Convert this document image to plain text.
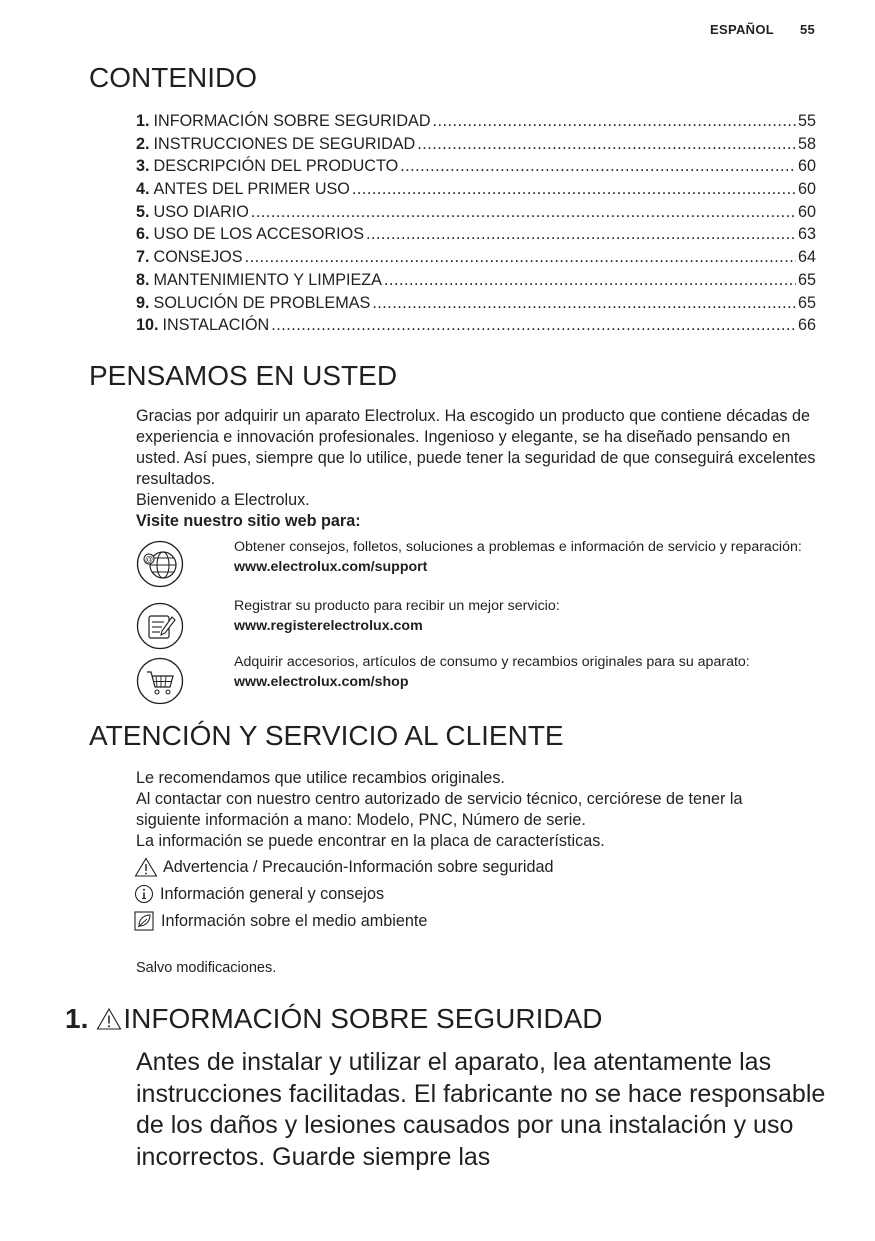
ESPAÑOL 55
CONTENIDO
1. INFORMACIÓN SOBRE SEGURIDAD .....	55
2. INSTRUCCIONES DE SEGURIDAD .....	58
3. DESCRIPCIÓN DEL PRODUCTO .....	60
4. ANTES DEL PRIMER USO .....	60
5. USO DIARIO .....	60
6. USO DE LOS ACCESORIOS .....	63
7. CONSEJOS .....	64
8. MANTENIMIENTO Y LIMPIEZA .....	65
9. SOLUCIÓN DE PROBLEMAS .....	65
10. INSTALACIÓN .....	66
PENSAMOS EN USTED

Gracias por adquirir un aparato Electrolux. Ha escogido un producto que contiene décadas de experiencia e innovación profesionales. Ingenioso y elegante, se ha diseñado pensando en usted. Así pues, siempre que lo utilice, puede tener la seguridad de que conseguirá excelentes resultados.

Bienvenido a Electrolux.

Visite nuestro sitio web para:

@
Obtener consejos, folletos, soluciones a problemas e información de servicio y reparación:
www.electrolux.com/support
Registrar su producto para recibir un mejor servicio:
www.registerelectrolux.com
Adquirir accesorios, artículos de consumo y recambios originales para su aparato:
www.electrolux.com/shop
ATENCIÓN Y SERVICIO AL CLIENTE

Le recomendamos que utilice recambios originales.

Al contactar con nuestro centro autorizado de servicio técnico, cerciórese de tener la siguiente información a mano: Modelo, PNC, Número de serie.

La información se puede encontrar en la placa de características.

Advertencia / Precaución-Información sobre seguridad
Información general y consejos
Información sobre el medio ambiente
Salvo modificaciones.
1. INFORMACIÓN SOBRE SEGURIDAD
Antes de instalar y utilizar el aparato, lea atentamente las instrucciones facilitadas. El fabricante no se hace responsable de los daños y lesiones causados por una instalación y uso incorrectos. Guarde siempre las
